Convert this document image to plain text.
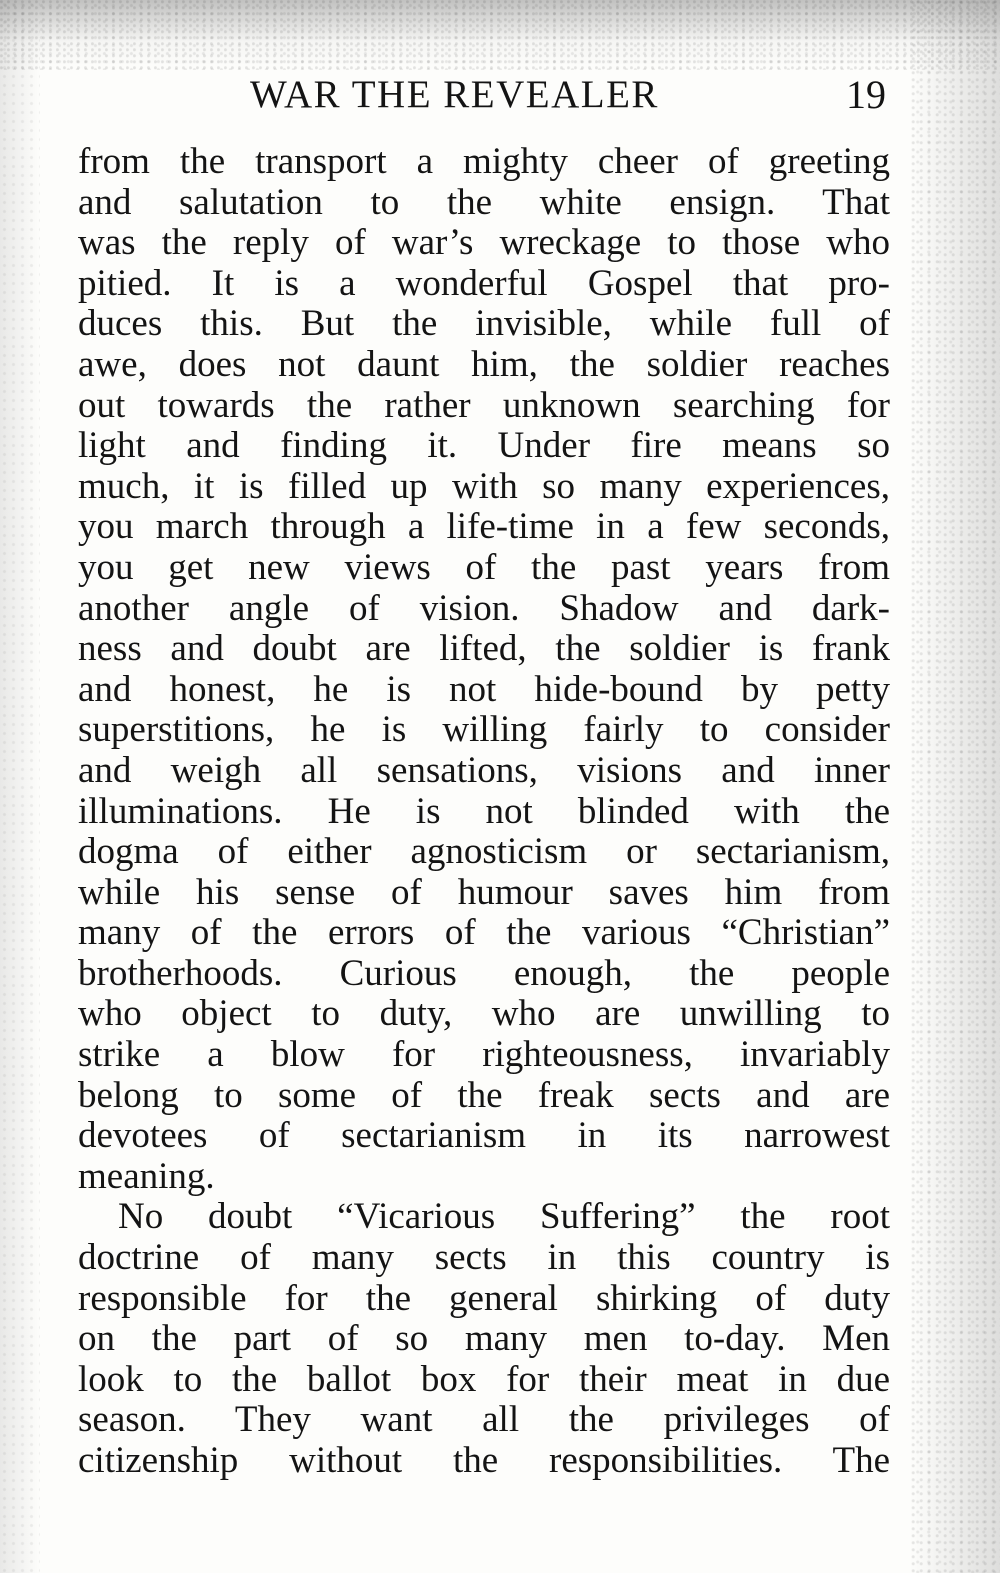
WAR THE REVEALER	19
from the transport a mighty cheer of greeting
and salutation to the white ensign. That
was the reply of war’s wreckage to those who
pitied. It is a wonderful Gospel that pro-
duces this. But the invisible, while full of
awe, does not daunt him, the soldier reaches
out towards the rather unknown searching for
light and finding it. Under fire means so
much, it is filled up with so many experiences,
you march through a life-time in a few seconds,
you get new views of the past years from
another angle of vision. Shadow and dark-
ness and doubt are lifted, the soldier is frank
and honest, he is not hide-bound by petty
superstitions, he is willing fairly to consider
and weigh all sensations, visions and inner
illuminations. He is not blinded with the
dogma of either agnosticism or sectarianism,
while his sense of humour saves him from
many of the errors of the various “Christian”
brotherhoods. Curious enough, the people
who object to duty, who are unwilling to
strike a blow for righteousness, invariably
belong to some of the freak sects and are
devotees of sectarianism in its narrowest
meaning.
No doubt “Vicarious Suffering” the root
doctrine of many sects in this country is
responsible for the general shirking of duty
on the part of so many men to-day. Men
look to the ballot box for their meat in due
season. They want all the privileges of
citizenship without the responsibilities. The
